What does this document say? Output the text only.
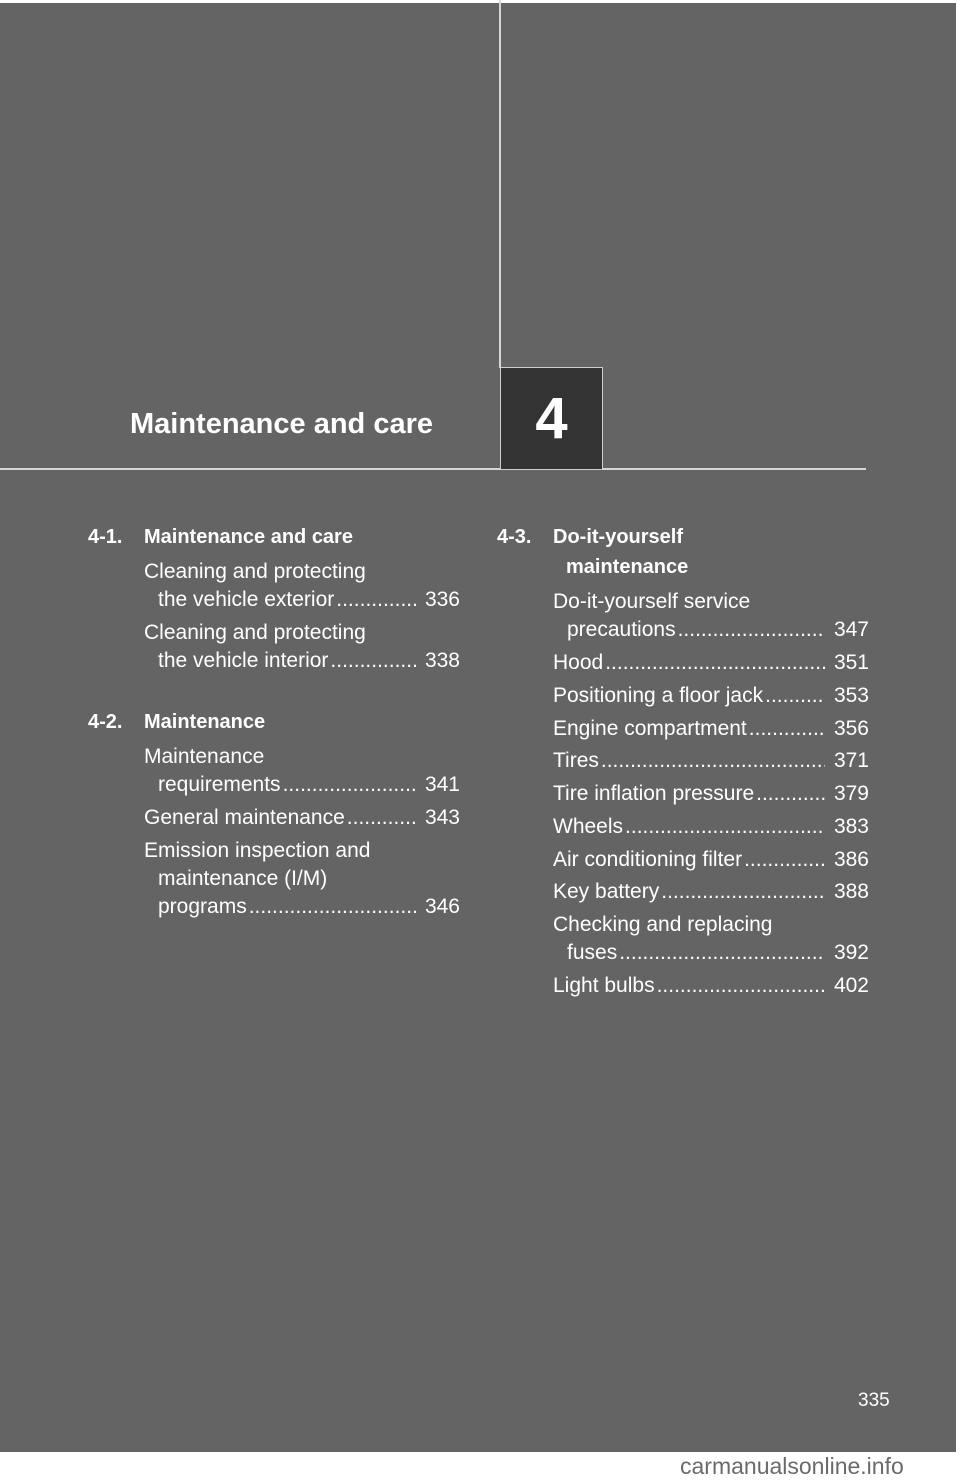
Maintenance and care 4
4-1. Maintenance and care
Cleaning and protecting
the vehicle exterior .....	336
Cleaning and protecting
the vehicle interior .....	338
4-2. Maintenance
Maintenance
requirements .....	341
General maintenance .....	343
Emission inspection and
maintenance (I/M)
programs .....	346
4-3. Do-it-yourself
maintenance
Do-it-yourself service
precautions .....	347
Hood .....	351
Positioning a floor jack .....	353
Engine compartment .....	356
Tires .....	371
Tire inflation pressure .....	379
Wheels .....	383
Air conditioning filter .....	386
Key battery .....	388
Checking and replacing
fuses .....	392
Light bulbs .....	402
335
carmanualsonline.info
